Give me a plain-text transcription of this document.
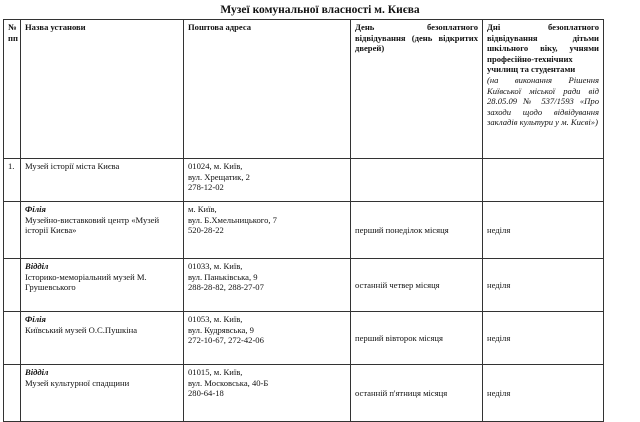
Музеї комунальної власності м. Києва
№ пп	Назва установи	Поштова адреса	День безоплатного відвідування (день відкритих дверей)	Дні безоплатного відвідування дітьми шкільного віку, учнями професійно-технічних училищ та студентами
(на виконання Рішення Київської міської ради від 28.05.09 № 537/1593 «Про заходи щодо відвідування закладів культури у м. Києві»)

1.	Музей історії міста Києва	01024, м. Київ,
вул. Хрещатик, 2
278-12-02		

	Філія
Музейно-виставковий центр «Музей історії Києва»	м. Київ,
вул. Б.Хмельницького, 7
520-28-22	перший понеділок місяця	неділя

	Відділ
Історико-меморіальний музей М. Грушевського	01033, м. Київ,
вул. Паньківська, 9
288-28-82, 288-27-07	останній четвер місяця	неділя

	Філія
Київський музей О.С.Пушкіна	01053, м. Київ,
вул. Кудрявська, 9
272-10-67, 272-42-06	перший вівторок місяця	неділя

	Відділ
Музей культурної спадщини	01015, м. Київ,
вул. Московська, 40-Б
280-64-18	останній п'ятниця місяця	неділя
